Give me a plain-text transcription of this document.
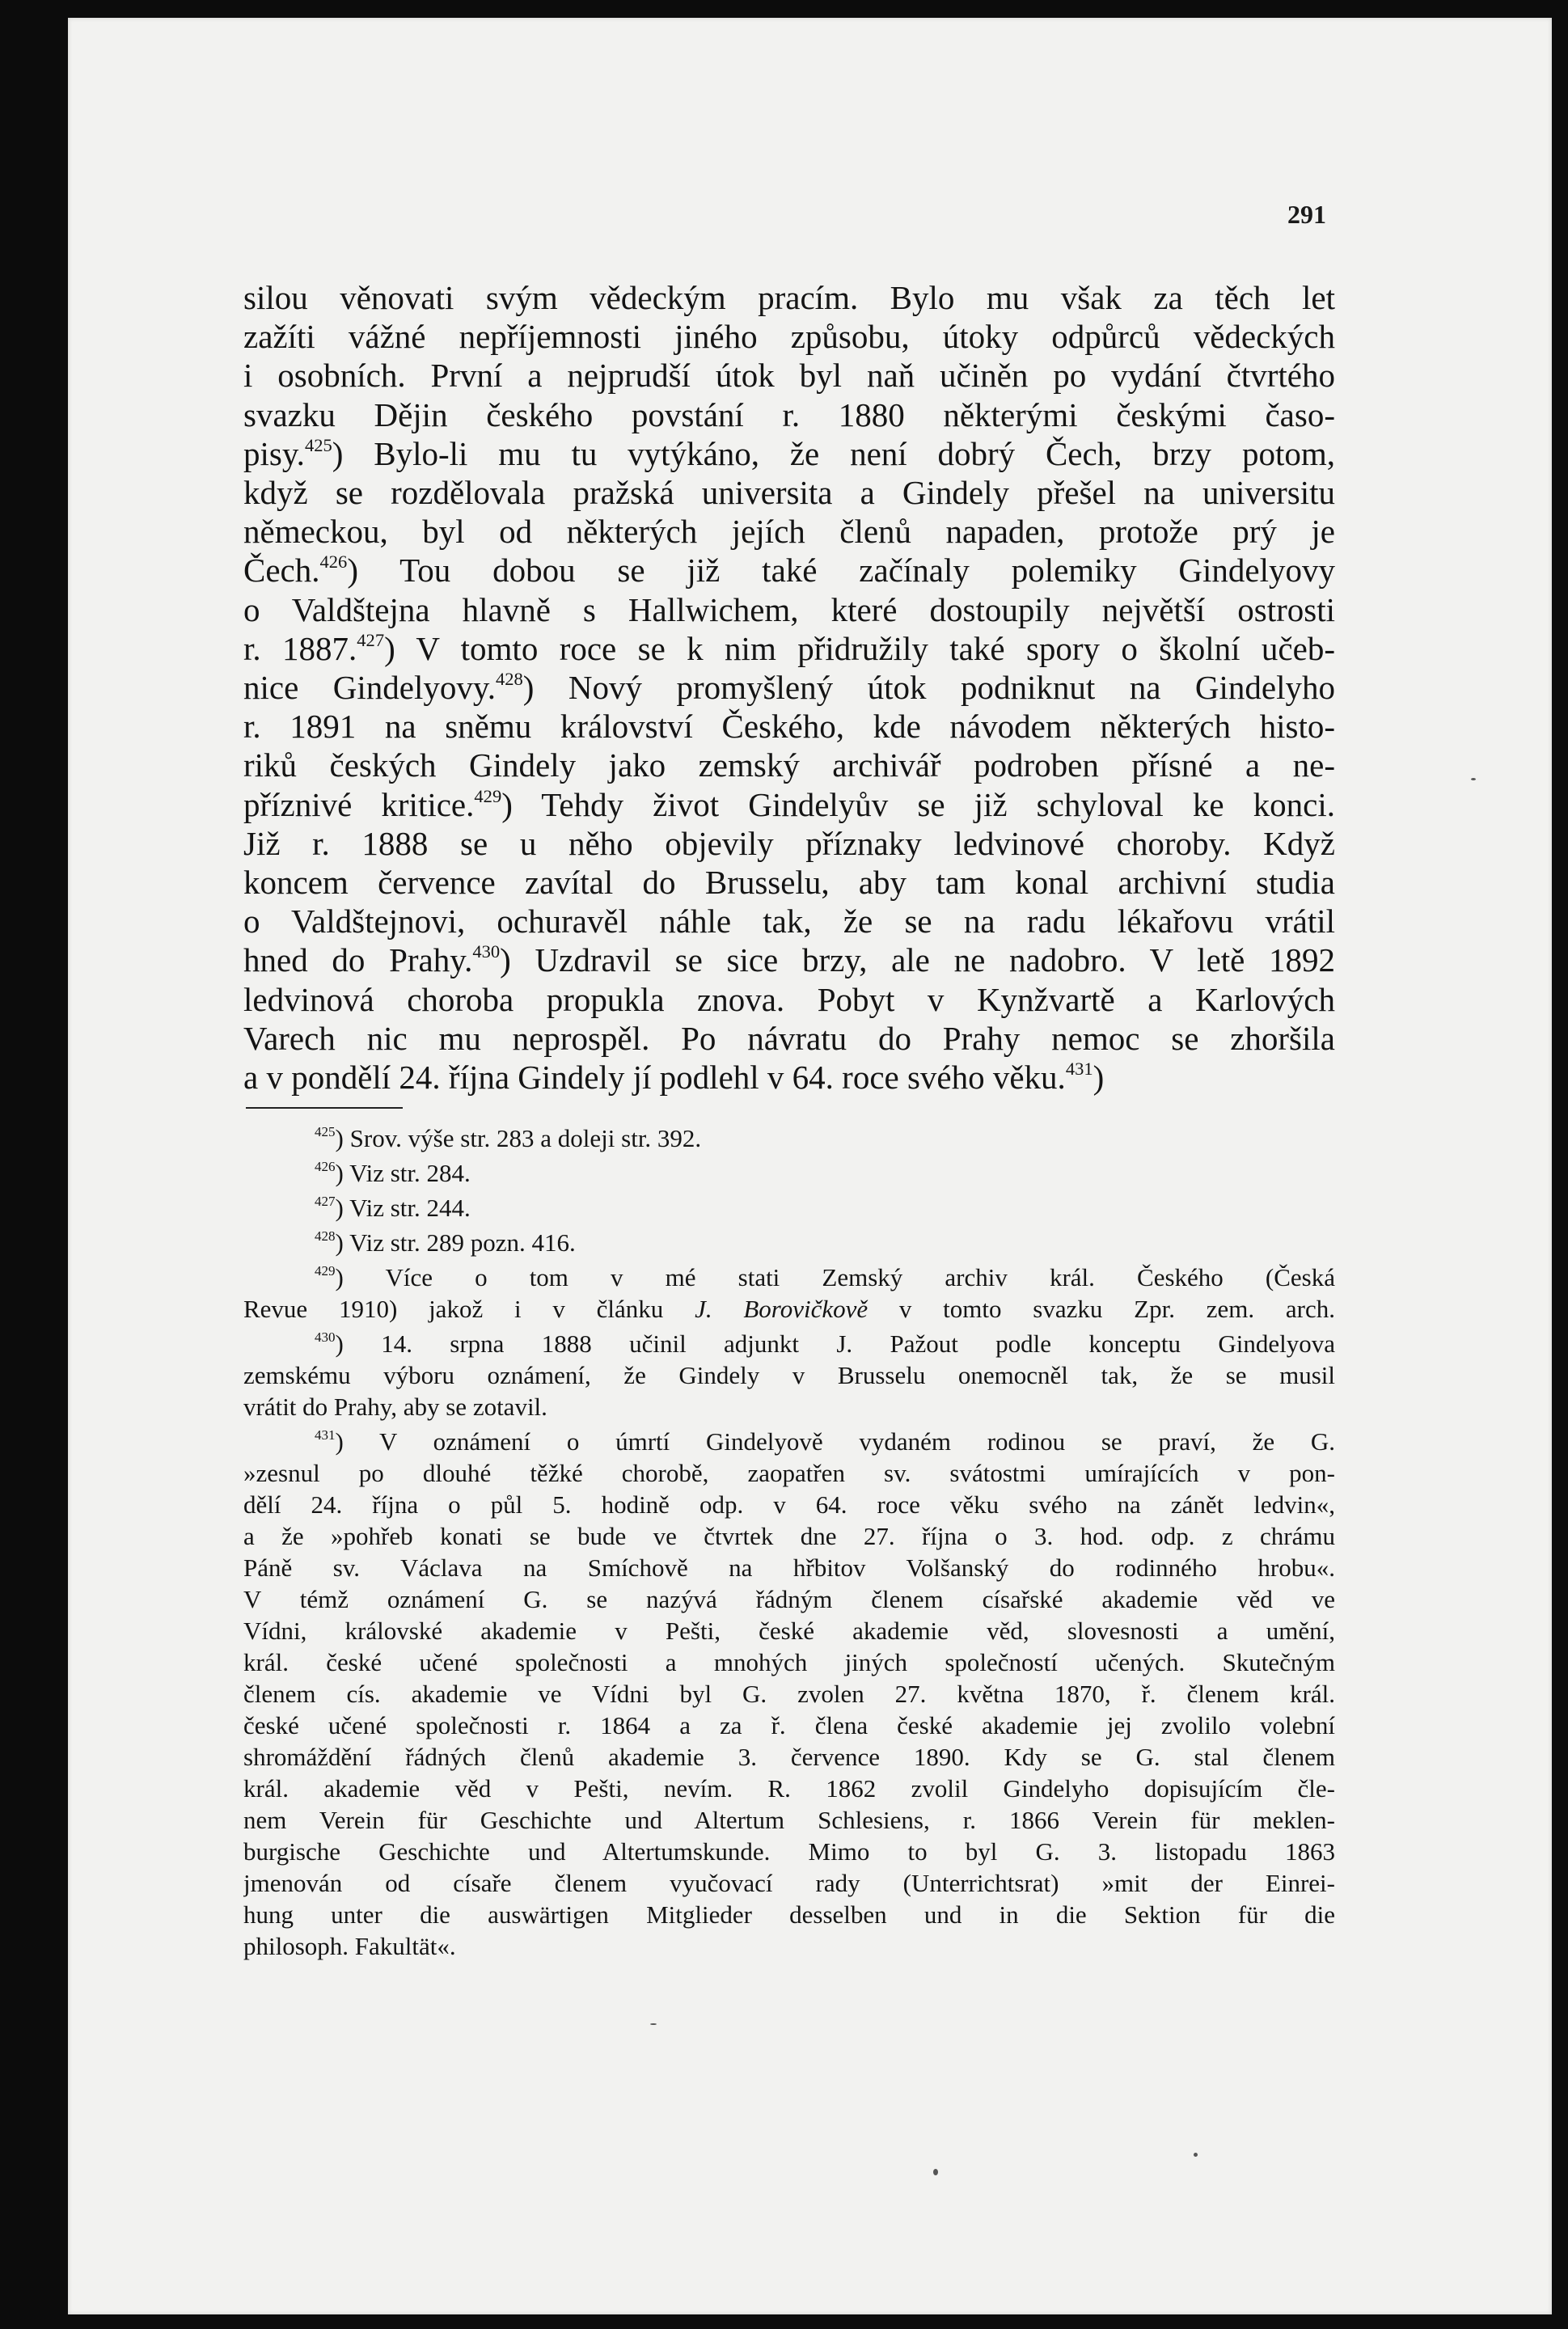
291
silou věnovati svým vědeckým pracím. Bylo mu však za těch let
zažíti vážné nepříjemnosti jiného způsobu, útoky odpůrců vědeckých
i osobních. První a nejprudší útok byl naň učiněn po vydání čtvrtého
svazku Dějin českého povstání r. 1880 některými českými časo-
pisy.$^{425}$) Bylo-li mu tu vytýkáno, že není dobrý Čech, brzy potom,
když se rozdělovala pražská universita a Gindely přešel na universitu
německou, byl od některých jejích členů napaden, protože prý je
Čech.$^{426}$) Tou dobou se již také začínaly polemiky Gindelyovy
o Valdštejna hlavně s Hallwichem, které dostoupily největší ostrosti
r. 1887.$^{427}$) V tomto roce se k nim přidružily také spory o školní učeb-
nice Gindelyovy.$^{428}$) Nový promyšlený útok podniknut na Gindelyho
r. 1891 na sněmu království Českého, kde návodem některých histo-
riků českých Gindely jako zemský archivář podroben přísné a ne-
příznivé kritice.$^{429}$) Tehdy život Gindelyův se již schyloval ke konci.
Již r. 1888 se u něho objevily příznaky ledvinové choroby. Když
koncem července zavítal do Brusselu, aby tam konal archivní studia
o Valdštejnovi, ochuravěl náhle tak, že se na radu lékařovu vrátil
hned do Prahy.$^{430}$) Uzdravil se sice brzy, ale ne nadobro. V letě 1892
ledvinová choroba propukla znova. Pobyt v Kynžvartě a Karlových
Varech nic mu neprospěl. Po návratu do Prahy nemoc se zhoršila
a v pondělí 24. října Gindely jí podlehl v 64. roce svého věku.$^{431}$)
$^{425}$) Srov. výše str. 283 a doleji str. 392.
$^{426}$) Viz str. 284.
$^{427}$) Viz str. 244.
$^{428}$) Viz str. 289 pozn. 416.
$^{429}$) Více o tom v mé stati Zemský archiv král. Českého (Česká
Revue 1910) jakož i v článku J. Borovičkově v tomto svazku Zpr. zem. arch.
$^{430}$) 14. srpna 1888 učinil adjunkt J. Pažout podle konceptu Gindelyova
zemskému výboru oznámení, že Gindely v Brusselu onemocněl tak, že se musil
vrátit do Prahy, aby se zotavil.
$^{431}$) V oznámení o úmrtí Gindelyově vydaném rodinou se praví, že G.
»zesnul po dlouhé těžké chorobě, zaopatřen sv. svátostmi umírajících v pon-
dělí 24. října o půl 5. hodině odp. v 64. roce věku svého na zánět ledvin«,
a že »pohřeb konati se bude ve čtvrtek dne 27. října o 3. hod. odp. z chrámu
Páně sv. Václava na Smíchově na hřbitov Volšanský do rodinného hrobu«.
V témž oznámení G. se nazývá řádným členem císařské akademie věd ve
Vídni, královské akademie v Pešti, české akademie věd, slovesnosti a umění,
král. české učené společnosti a mnohých jiných společností učených. Skutečným
členem cís. akademie ve Vídni byl G. zvolen 27. května 1870, ř. členem král.
české učené společnosti r. 1864 a za ř. člena české akademie jej zvolilo volební
shromáždění řádných členů akademie 3. července 1890. Kdy se G. stal členem
král. akademie věd v Pešti, nevím. R. 1862 zvolil Gindelyho dopisujícím čle-
nem Verein für Geschichte und Altertum Schlesiens, r. 1866 Verein für meklen-
burgische Geschichte und Altertumskunde. Mimo to byl G. 3. listopadu 1863
jmenován od císaře členem vyučovací rady (Unterrichtsrat) »mit der Einrei-
hung unter die auswärtigen Mitglieder desselben und in die Sektion für die
philosoph. Fakultät«.
